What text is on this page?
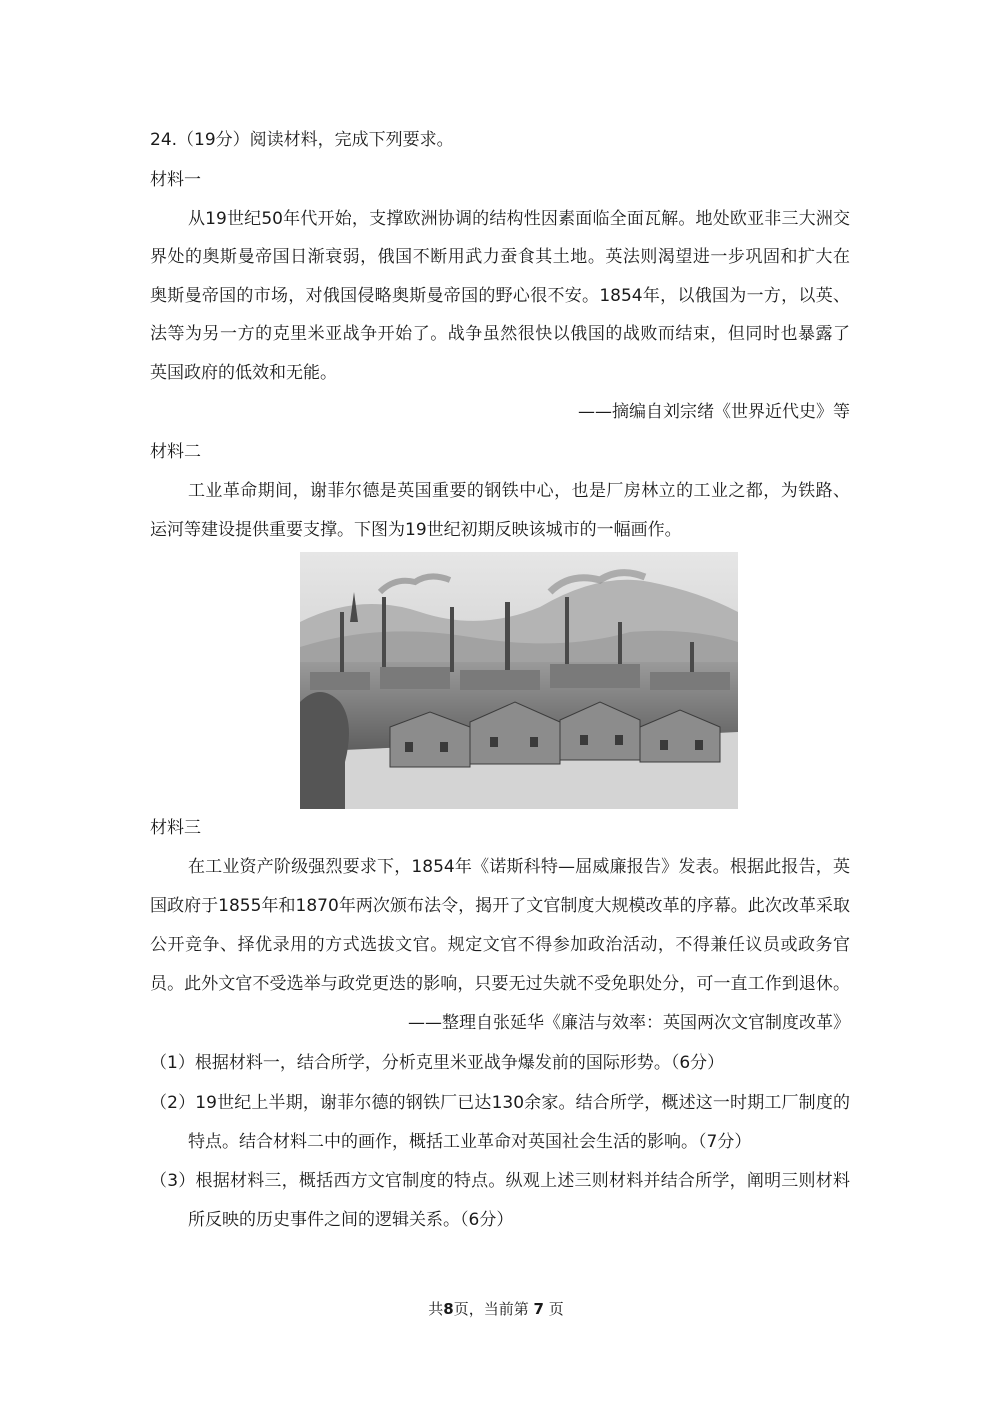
24.（19分）阅读材料，完成下列要求。
材料一
从19世纪50年代开始，支撑欧洲协调的结构性因素面临全面瓦解。地处欧亚非三大洲交
界处的奥斯曼帝国日渐衰弱，俄国不断用武力蚕食其土地。英法则渴望进一步巩固和扩大在
奥斯曼帝国的市场，对俄国侵略奥斯曼帝国的野心很不安。1854年，以俄国为一方，以英、
法等为另一方的克里米亚战争开始了。战争虽然很快以俄国的战败而结束，但同时也暴露了
英国政府的低效和无能。
——摘编自刘宗绪《世界近代史》等
材料二
工业革命期间，谢菲尔德是英国重要的钢铁中心，也是厂房林立的工业之都，为铁路、
运河等建设提供重要支撑。下图为19世纪初期反映该城市的一幅画作。
材料三
在工业资产阶级强烈要求下，1854年《诺斯科特—屈威廉报告》发表。根据此报告，英
国政府于1855年和1870年两次颁布法令，揭开了文官制度大规模改革的序幕。此次改革采取
公开竞争、择优录用的方式选拔文官。规定文官不得参加政治活动，不得兼任议员或政务官
员。此外文官不受选举与政党更迭的影响，只要无过失就不受免职处分，可一直工作到退休。
——整理自张延华《廉洁与效率：英国两次文官制度改革》
（1）根据材料一，结合所学，分析克里米亚战争爆发前的国际形势。（6分）
（2）19世纪上半期，谢菲尔德的钢铁厂已达130余家。结合所学，概述这一时期工厂制度的
特点。结合材料二中的画作，概括工业革命对英国社会生活的影响。（7分）
（3）根据材料三，概括西方文官制度的特点。纵观上述三则材料并结合所学，阐明三则材料
所反映的历史事件之间的逻辑关系。（6分）
共8页，当前第 7 页
